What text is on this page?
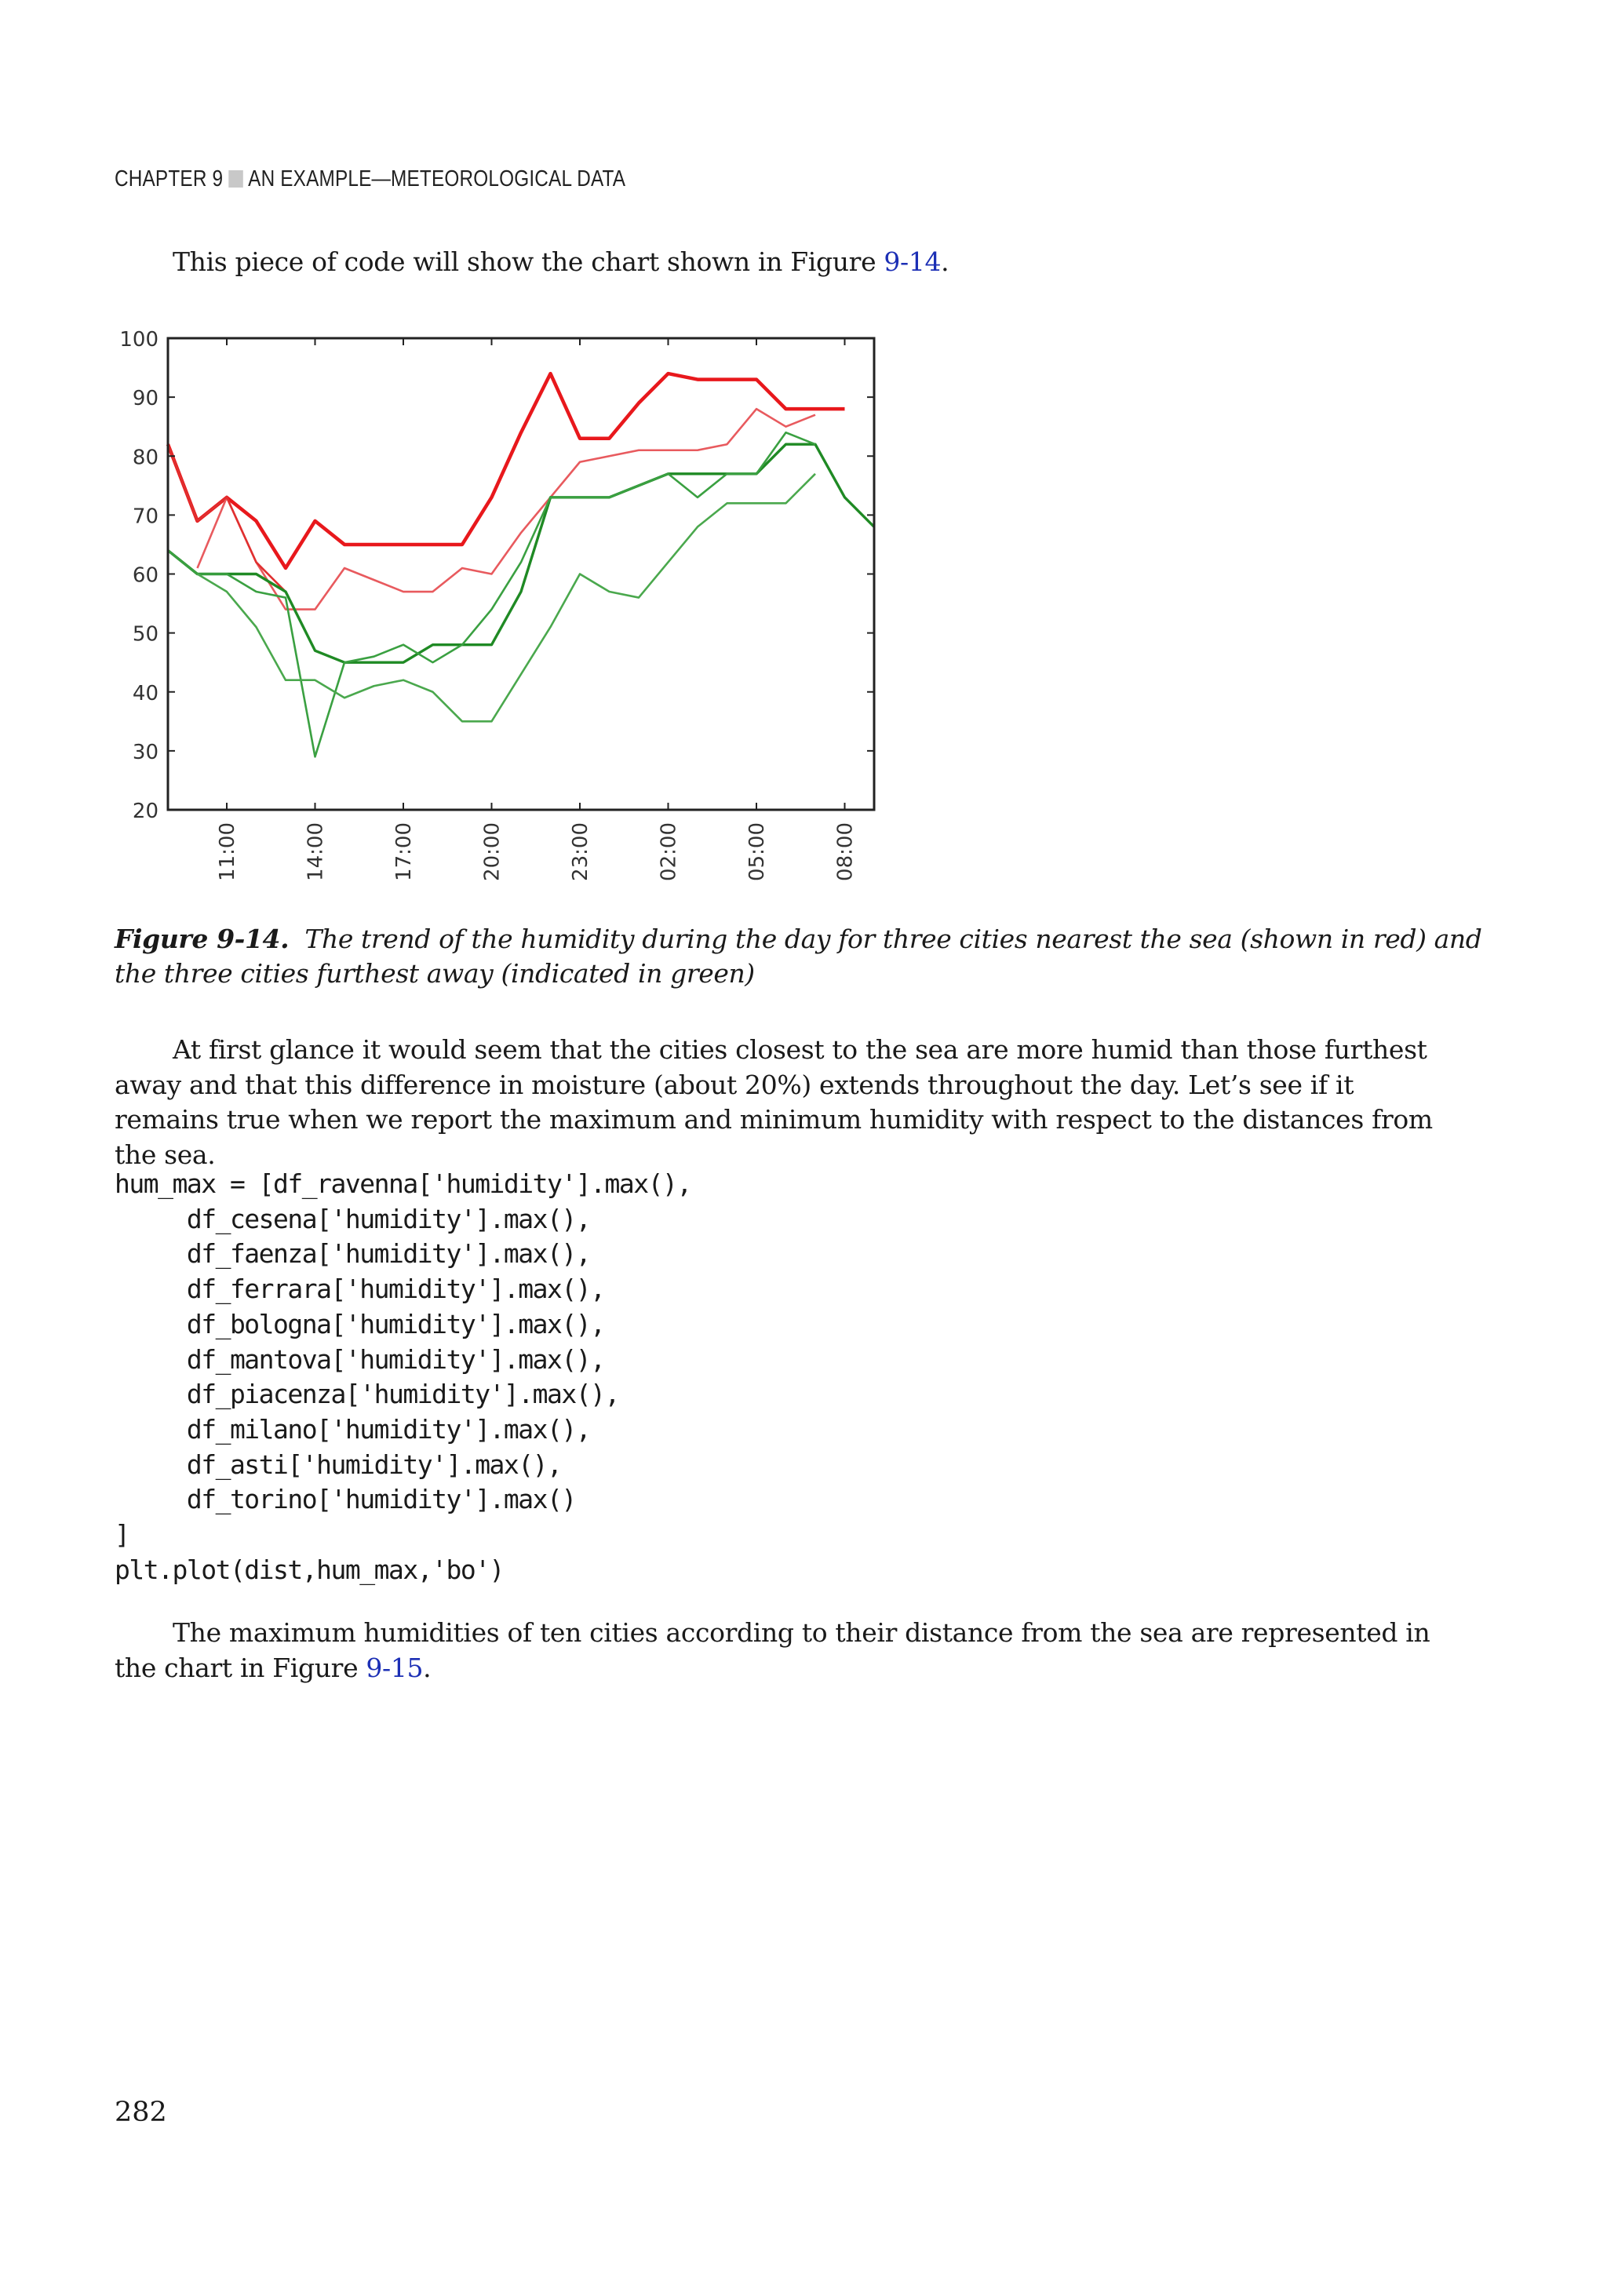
CHAPTER 9 AN EXAMPLE—METEOROLOGICAL DATA

This piece of code will show the chart shown in Figure 9-14.

20
30
40
50
60
70
80
90
100
11:00	14:00	17:00	20:00	23:00	02:00	05:00	08:00

Figure 9-14. The trend of the humidity during the day for three cities nearest the sea (shown in red) and the three cities furthest away (indicated in green)

At first glance it would seem that the cities closest to the sea are more humid than those furthest away and that this difference in moisture (about 20%) extends throughout the day. Let’s see if it remains true when we report the maximum and minimum humidity with respect to the distances from the sea.

hum_max = [df_ravenna['humidity'].max(),
df_cesena['humidity'].max(),
df_faenza['humidity'].max(),
df_ferrara['humidity'].max(),
df_bologna['humidity'].max(),
df_mantova['humidity'].max(),
df_piacenza['humidity'].max(),
df_milano['humidity'].max(),
df_asti['humidity'].max(),
df_torino['humidity'].max()
]
plt.plot(dist,hum_max,'bo')

The maximum humidities of ten cities according to their distance from the sea are represented in the chart in Figure 9-15.

282
